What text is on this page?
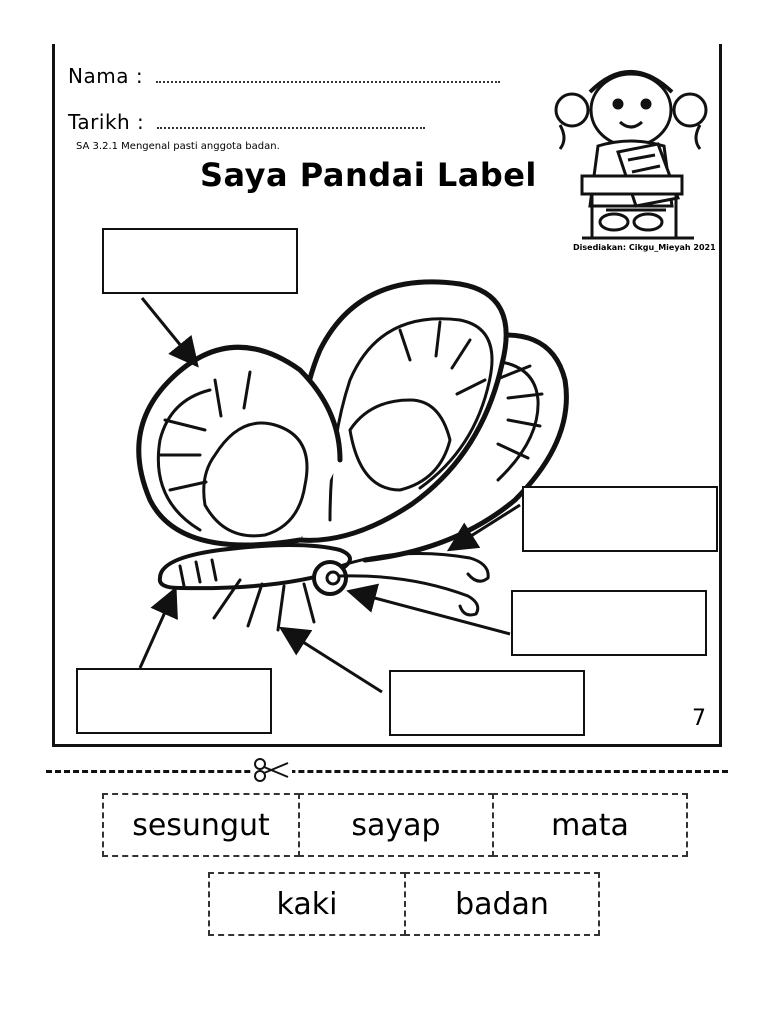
Nama :
Tarikh :
SA 3.2.1 Mengenal pasti anggota badan.
Saya Pandai Label
Disediakan: Cikgu_Mieyah 2021
7
sesungut	sayap	mata
kaki	badan
